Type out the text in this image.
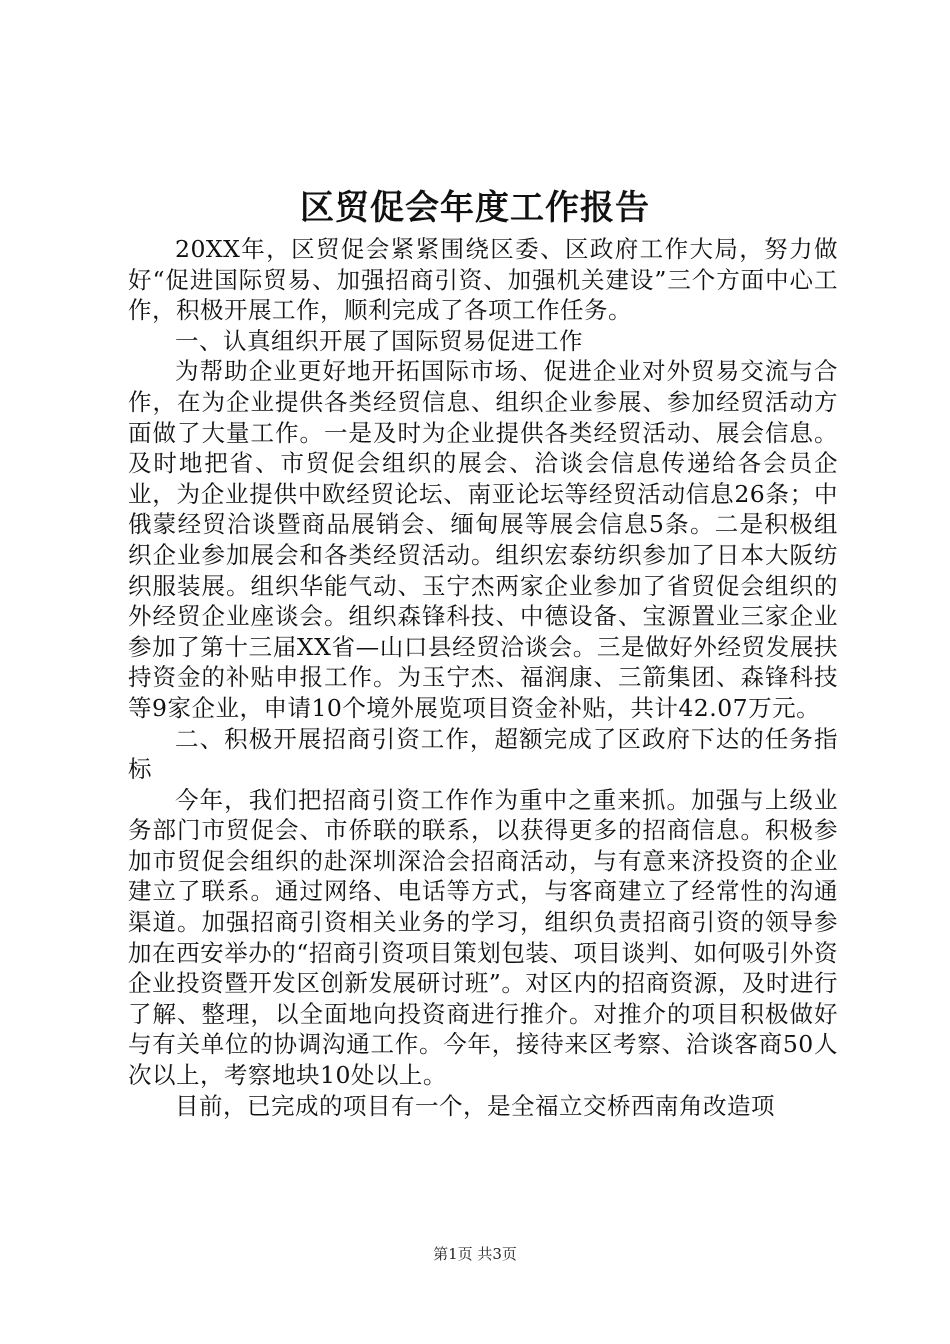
区贸促会年度工作报告

20XX年，区贸促会紧紧围绕区委、区政府工作大局，努力做好“促进国际贸易、加强招商引资、加强机关建设”三个方面中心工作，积极开展工作，顺利完成了各项工作任务。

一、认真组织开展了国际贸易促进工作

为帮助企业更好地开拓国际市场、促进企业对外贸易交流与合作，在为企业提供各类经贸信息、组织企业参展、参加经贸活动方面做了大量工作。一是及时为企业提供各类经贸活动、展会信息。及时地把省、市贸促会组织的展会、洽谈会信息传递给各会员企业，为企业提供中欧经贸论坛、南亚论坛等经贸活动信息26条；中俄蒙经贸洽谈暨商品展销会、缅甸展等展会信息5条。二是积极组织企业参加展会和各类经贸活动。组织宏泰纺织参加了日本大阪纺织服装展。组织华能气动、玉宁杰两家企业参加了省贸促会组织的外经贸企业座谈会。组织森锋科技、中德设备、宝源置业三家企业参加了第十三届XX省—山口县经贸洽谈会。三是做好外经贸发展扶持资金的补贴申报工作。为玉宁杰、福润康、三箭集团、森锋科技等9家企业，申请10个境外展览项目资金补贴，共计42.07万元。

二、积极开展招商引资工作，超额完成了区政府下达的任务指标

今年，我们把招商引资工作作为重中之重来抓。加强与上级业务部门市贸促会、市侨联的联系，以获得更多的招商信息。积极参加市贸促会组织的赴深圳深洽会招商活动，与有意来济投资的企业建立了联系。通过网络、电话等方式，与客商建立了经常性的沟通渠道。加强招商引资相关业务的学习，组织负责招商引资的领导参加在西安举办的“招商引资项目策划包装、项目谈判、如何吸引外资企业投资暨开发区创新发展研讨班”。对区内的招商资源，及时进行了解、整理，以全面地向投资商进行推介。对推介的项目积极做好与有关单位的协调沟通工作。今年，接待来区考察、洽谈客商50人次以上，考察地块10处以上。

目前，已完成的项目有一个，是全福立交桥西南角改造项

第1页 共3页
